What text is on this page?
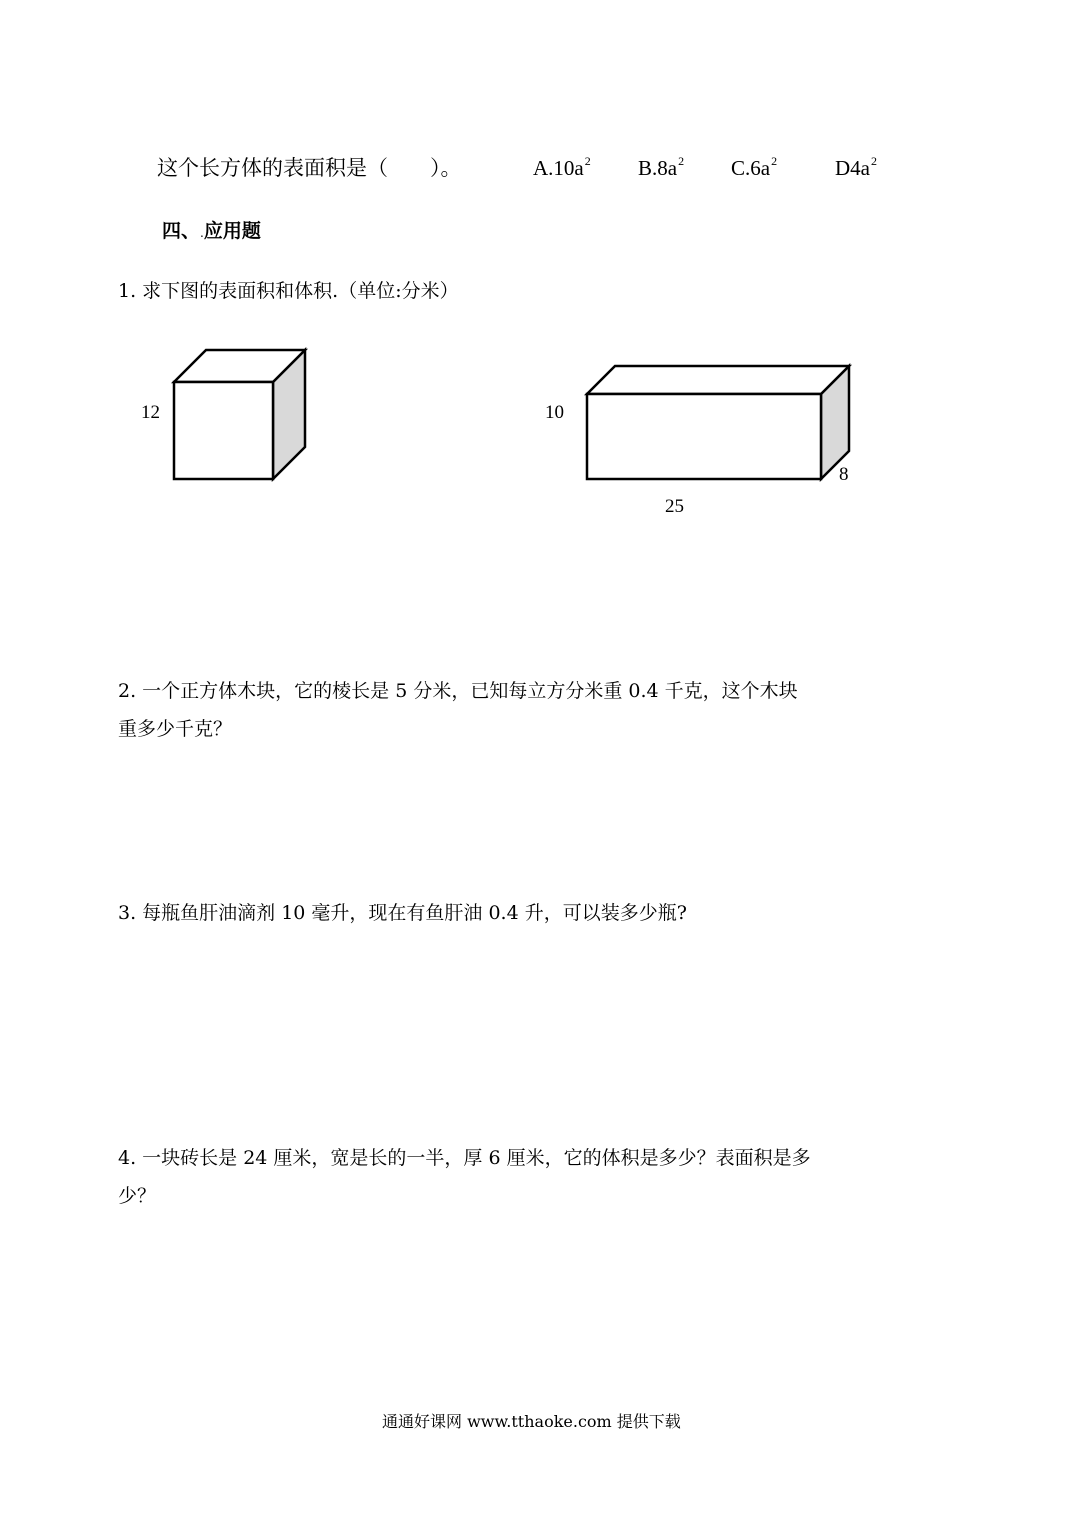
这个长方体的表面积是（　　）。	$A.10a^2$ $B.8a^2$ $C.6a^2$	$D4a^2$
四、.应用题
1. 求下图的表面积和体积.（单位:分米）
12	10
8
25
2. 一个正方体木块，它的棱长是 5 分米，已知每立方分米重 0.4 千克，这个木块
重多少千克？
3. 每瓶鱼肝油滴剂 10 毫升，现在有鱼肝油 0.4 升，可以装多少瓶?
4. 一块砖长是 24 厘米，宽是长的一半，厚 6 厘米，它的体积是多少？表面积是多
少？
通通好课网 www.tthaoke.com 提供下载
